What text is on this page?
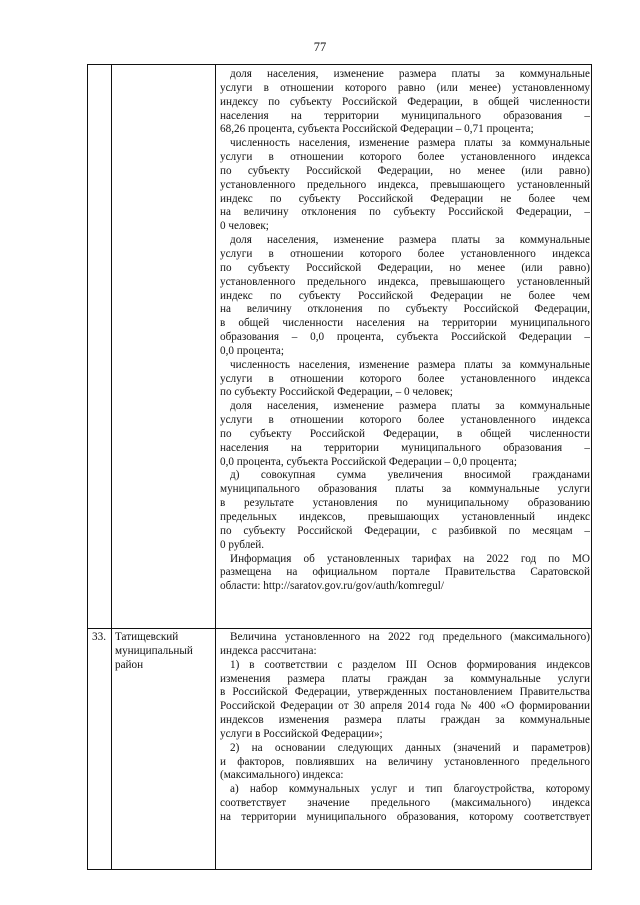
77
доля населения, изменение размера платы за коммунальные
услуги в отношении которого равно (или менее) установленному
индексу по субъекту Российской Федерации, в общей численности
населения на территории муниципального образования –
68,26 процента, субъекта Российской Федерации – 0,71 процента;
численность населения, изменение размера платы за коммунальные
услуги в отношении которого более установленного индекса
по субъекту Российской Федерации, но менее (или равно)
установленного предельного индекса, превышающего установленный
индекс по субъекту Российской Федерации не более чем
на величину отклонения по субъекту Российской Федерации, –
0 человек;
доля населения, изменение размера платы за коммунальные
услуги в отношении которого более установленного индекса
по субъекту Российской Федерации, но менее (или равно)
установленного предельного индекса, превышающего установленный
индекс по субъекту Российской Федерации не более чем
на величину отклонения по субъекту Российской Федерации,
в общей численности населения на территории муниципального
образования – 0,0 процента, субъекта Российской Федерации –
0,0 процента;
численность населения, изменение размера платы за коммунальные
услуги в отношении которого более установленного индекса
по субъекту Российской Федерации, – 0 человек;
доля населения, изменение размера платы за коммунальные
услуги в отношении которого более установленного индекса
по субъекту Российской Федерации, в общей численности
населения на территории муниципального образования –
0,0 процента, субъекта Российской Федерации – 0,0 процента;
д) совокупная сумма увеличения вносимой гражданами
муниципального образования платы за коммунальные услуги
в результате установления по муниципальному образованию
предельных индексов, превышающих установленный индекс
по субъекту Российской Федерации, с разбивкой по месяцам –
0 рублей.
Информация об установленных тарифах на 2022 год по МО
размещена на официальном портале Правительства Саратовской
области: http://saratov.gov.ru/gov/auth/komregul/
33. Татищевский
муниципальный
район
Величина установленного на 2022 год предельного (максимального)
индекса рассчитана:
1) в соответствии с разделом III Основ формирования индексов
изменения размера платы граждан за коммунальные услуги
в Российской Федерации, утвержденных постановлением Правительства
Российской Федерации от 30 апреля 2014 года № 400 «О формировании
индексов изменения размера платы граждан за коммунальные
услуги в Российской Федерации»;
2) на основании следующих данных (значений и параметров)
и факторов, повлиявших на величину установленного предельного
(максимального) индекса:
а) набор коммунальных услуг и тип благоустройства, которому
соответствует значение предельного (максимального) индекса
на территории муниципального образования, которому соответствует
